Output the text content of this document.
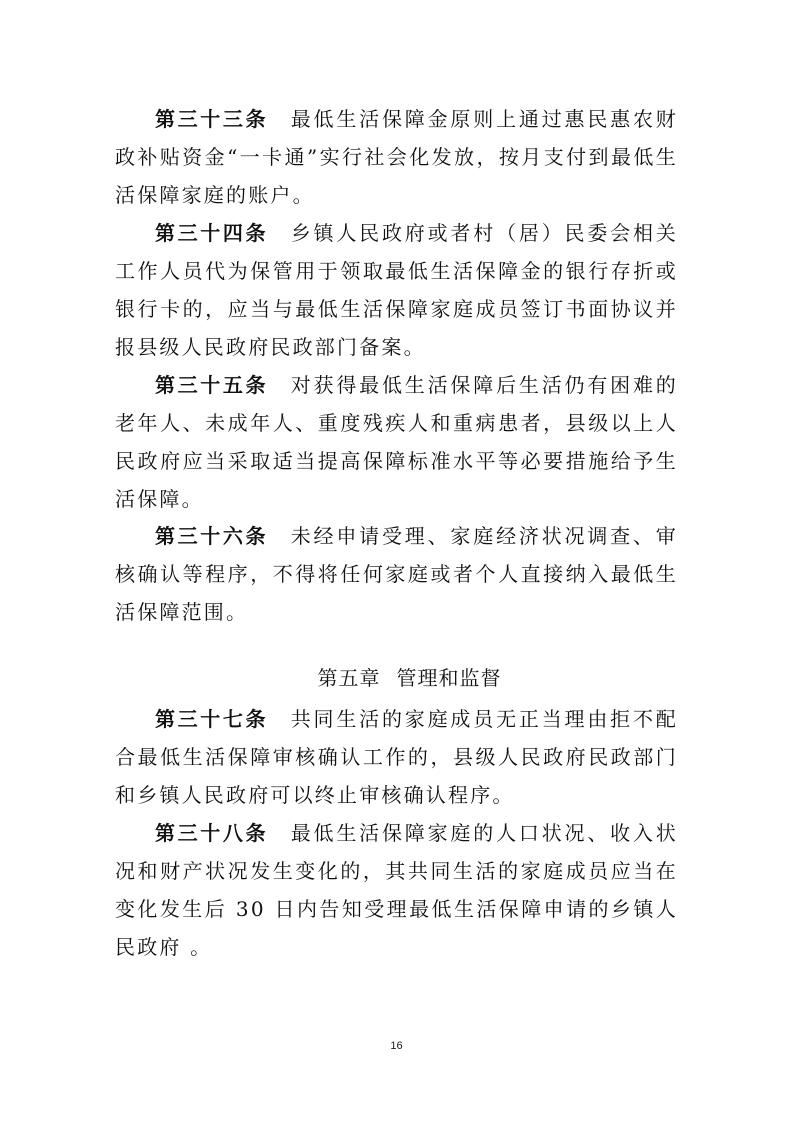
第三十三条 最低生活保障金原则上通过惠民惠农财政补贴资金“一卡通”实行社会化发放，按月支付到最低生活保障家庭的账户。

第三十四条 乡镇人民政府或者村（居）民委会相关工作人员代为保管用于领取最低生活保障金的银行存折或银行卡的，应当与最低生活保障家庭成员签订书面协议并报县级人民政府民政部门备案。

第三十五条 对获得最低生活保障后生活仍有困难的老年人、未成年人、重度残疾人和重病患者，县级以上人民政府应当采取适当提高保障标准水平等必要措施给予生活保障。

第三十六条 未经申请受理、家庭经济状况调查、审核确认等程序，不得将任何家庭或者个人直接纳入最低生活保障范围。

第五章 管理和监督

第三十七条 共同生活的家庭成员无正当理由拒不配合最低生活保障审核确认工作的，县级人民政府民政部门和乡镇人民政府可以终止审核确认程序。

第三十八条 最低生活保障家庭的人口状况、收入状况和财产状况发生变化的，其共同生活的家庭成员应当在变化发生后 30 日内告知受理最低生活保障申请的乡镇人民政府 。

16
